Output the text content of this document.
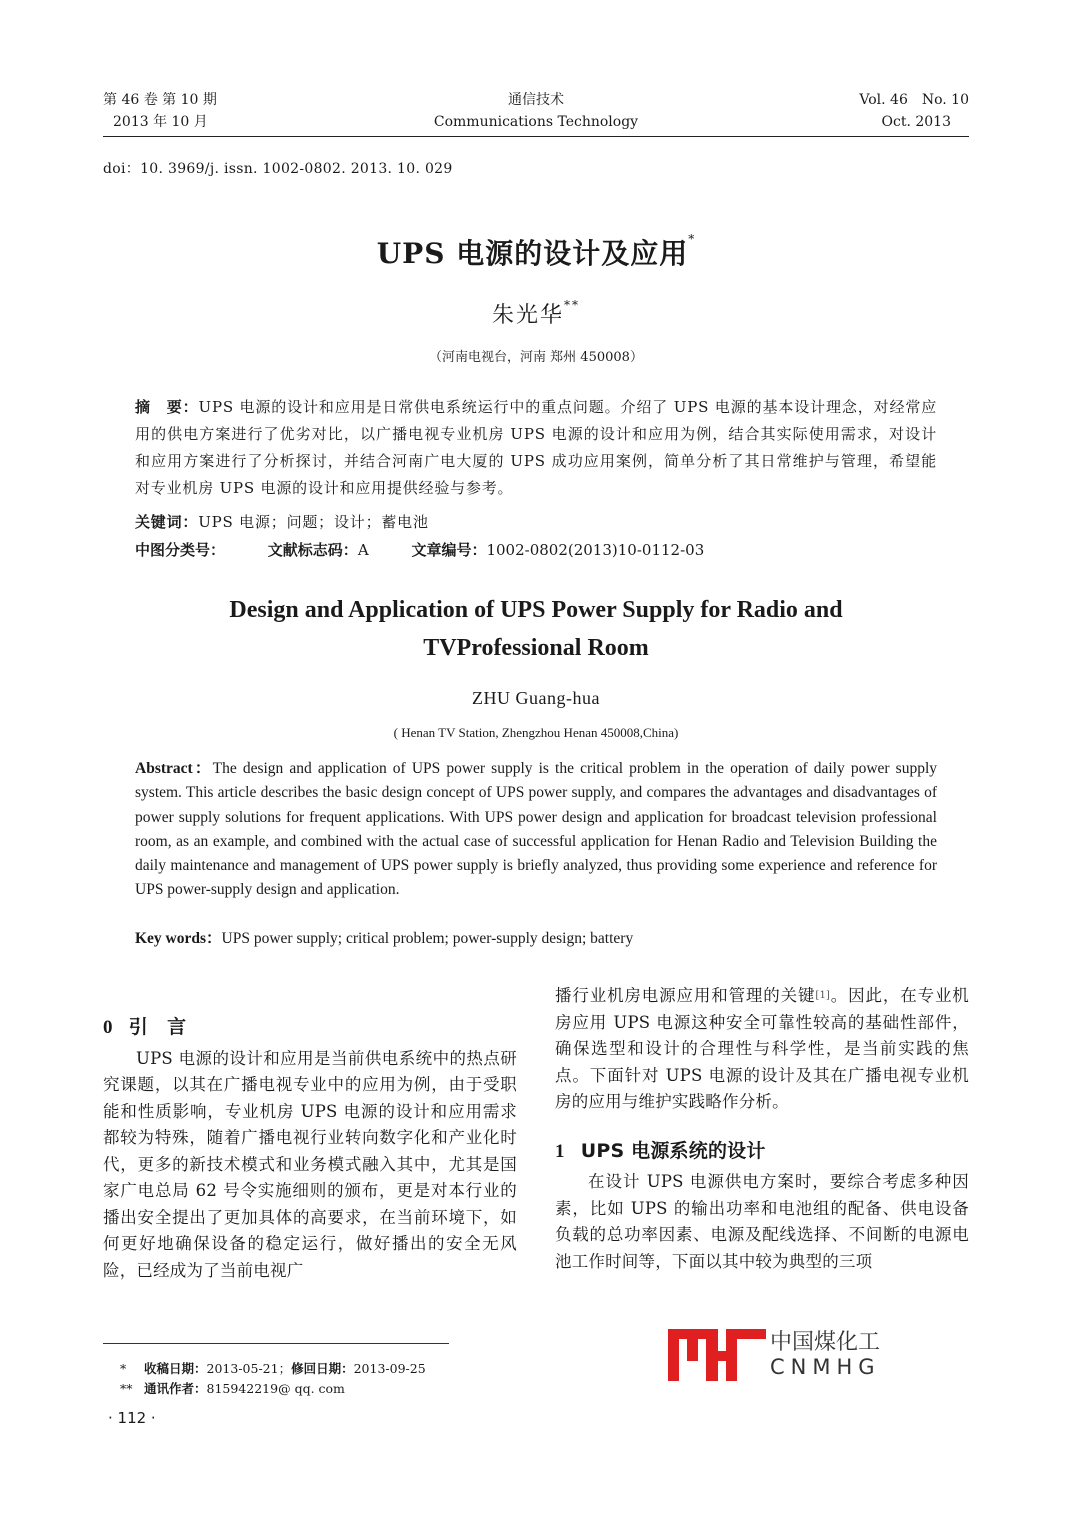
第 46 卷 第 10 期
2013 年 10 月
通信技术
Communications Technology
Vol. 46　No. 10
Oct. 2013
doi：10. 3969/j. issn. 1002-0802. 2013. 10. 029
UPS 电源的设计及应用*
朱光华**
（河南电视台，河南 郑州 450008）
摘　要：UPS 电源的设计和应用是日常供电系统运行中的重点问题。介绍了 UPS 电源的基本设计理念，对经常应用的供电方案进行了优劣对比，以广播电视专业机房 UPS 电源的设计和应用为例，结合其实际使用需求，对设计和应用方案进行了分析探讨，并结合河南广电大厦的 UPS 成功应用案例，简单分析了其日常维护与管理，希望能对专业机房 UPS 电源的设计和应用提供经验与参考。
关键词：UPS 电源；问题；设计；蓄电池
中图分类号：	文献标志码：A	文章编号：1002-0802(2013)10-0112-03
Design and Application of UPS Power Supply for Radio and TVProfessional Room
ZHU Guang-hua
( Henan TV Station, Zhengzhou Henan 450008,China)
Abstract：The design and application of UPS power supply is the critical problem in the operation of daily power supply system. This article describes the basic design concept of UPS power supply, and compares the advantages and disadvantages of power supply solutions for frequent applications. With UPS power design and application for broadcast television professional room, as an example, and combined with the actual case of successful application for Henan Radio and Television Building the daily maintenance and management of UPS power supply is briefly analyzed, thus providing some experience and reference for UPS power-supply design and application.
Key words：UPS power supply; critical problem; power-supply design; battery
0 引　言
UPS 电源的设计和应用是当前供电系统中的热点研究课题，以其在广播电视专业中的应用为例，由于受职能和性质影响，专业机房 UPS 电源的设计和应用需求都较为特殊，随着广播电视行业转向数字化和产业化时代，更多的新技术模式和业务模式融入其中，尤其是国家广电总局 62 号令实施细则的颁布，更是对本行业的播出安全提出了更加具体的高要求，在当前环境下，如何更好地确保设备的稳定运行，做好播出的安全无风险，已经成为了当前电视广
播行业机房电源应用和管理的关键[1]。因此，在专业机房应用 UPS 电源这种安全可靠性较高的基础性部件，确保选型和设计的合理性与科学性，是当前实践的焦点。下面针对 UPS 电源的设计及其在广播电视专业机房的应用与维护实践略作分析。
1 UPS 电源系统的设计
在设计 UPS 电源供电方案时，要综合考虑多种因素，比如 UPS 的输出功率和电池组的配备、供电设备负载的总功率因素、电源及配线选择、不间断的电源电池工作时间等，下面以其中较为典型的三项
* 收稿日期：2013-05-21；修回日期：2013-09-25
** 通讯作者：815942219@ qq. com
· 112 ·
中国煤化工
CNMHG
